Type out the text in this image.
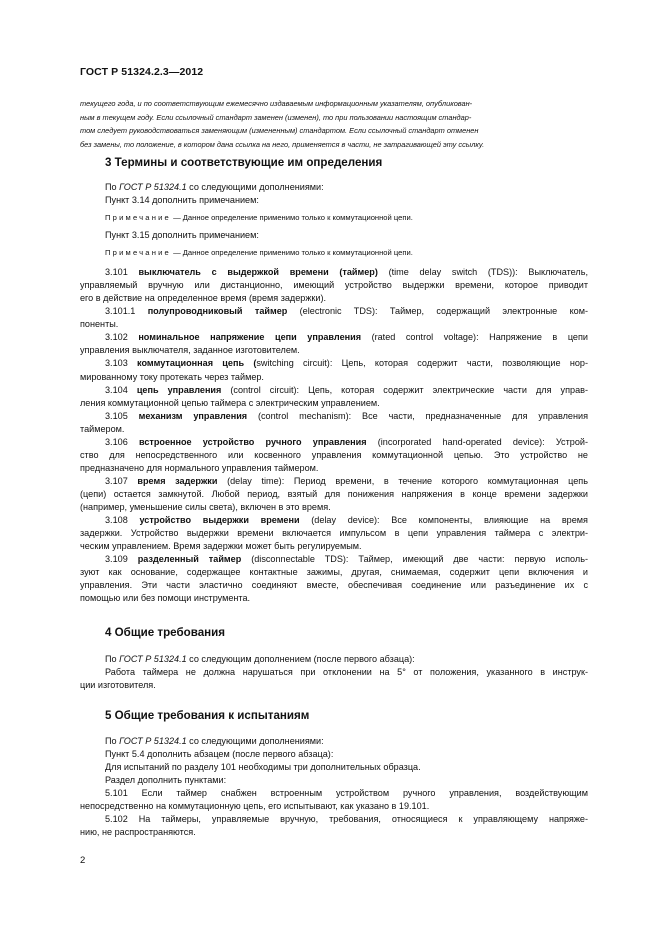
ГОСТ Р 51324.2.3—2012
текущего года, и по соответствующим ежемесячно издаваемым информационным указателям, опубликован-
ным в текущем году. Если ссылочный стандарт заменен (изменен), то при пользовании настоящим стандар-
том следует руководствоваться заменяющим (измененным) стандартом. Если ссылочный стандарт отменен
без замены, то положение, в котором дана ссылка на него, применяется в части, не затрагивающей эту ссылку.
3 Термины и соответствующие им определения
По ГОСТ Р 51324.1 со следующими дополнениями:
Пункт 3.14 дополнить примечанием:
Примечание — Данное определение применимо только к коммутационной цепи.
Пункт 3.15 дополнить примечанием:
Примечание — Данное определение применимо только к коммутационной цепи.
3.101 выключатель с выдержкой времени (таймер) (time delay switch (TDS)): Выключатель,
управляемый вручную или дистанционно, имеющий устройство выдержки времени, которое приводит
его в действие на определенное время (время задержки).
3.101.1 полупроводниковый таймер (electronic TDS): Таймер, содержащий электронные ком-
поненты.
3.102 номинальное напряжение цепи управления (rated control voltage): Напряжение в цепи
управления выключателя, заданное изготовителем.
3.103 коммутационная цепь (switching circuit): Цепь, которая содержит части, позволяющие нор-
мированному току протекать через таймер.
3.104 цепь управления (control circuit): Цепь, которая содержит электрические части для управ-
ления коммутационной цепью таймера с электрическим управлением.
3.105 механизм управления (control mechanism): Все части, предназначенные для управления
таймером.
3.106 встроенное устройство ручного управления (incorporated hand-operated device): Устрой-
ство для непосредственного или косвенного управления коммутационной цепью. Это устройство не
предназначено для нормального управления таймером.
3.107 время задержки (delay time): Период времени, в течение которого коммутационная цепь
(цепи) остается замкнутой. Любой период, взятый для понижения напряжения в конце времени задержки
(например, уменьшение силы света), включен в это время.
3.108 устройство выдержки времени (delay device): Все компоненты, влияющие на время
задержки. Устройство выдержки времени включается импульсом в цепи управления таймера с электри-
ческим управлением. Время задержки может быть регулируемым.
3.109 разделенный таймер (disconnectable TDS): Таймер, имеющий две части: первую исполь-
зуют как основание, содержащее контактные зажимы, другая, снимаемая, содержит цепи включения и
управления. Эти части эластично соединяют вместе, обеспечивая соединение или разъединение их с
помощью или без помощи инструмента.
4 Общие требования
По ГОСТ Р 51324.1 со следующим дополнением (после первого абзаца):
Работа таймера не должна нарушаться при отклонении на 5° от положения, указанного в инструк-
ции изготовителя.
5 Общие требования к испытаниям
По ГОСТ Р 51324.1 со следующими дополнениями:
Пункт 5.4 дополнить абзацем (после первого абзаца):
Для испытаний по разделу 101 необходимы три дополнительных образца.
Раздел дополнить пунктами:
5.101 Если таймер снабжен встроенным устройством ручного управления, воздействующим
непосредственно на коммутационную цепь, его испытывают, как указано в 19.101.
5.102 На таймеры, управляемые вручную, требования, относящиеся к управляющему напряже-
нию, не распространяются.
2
